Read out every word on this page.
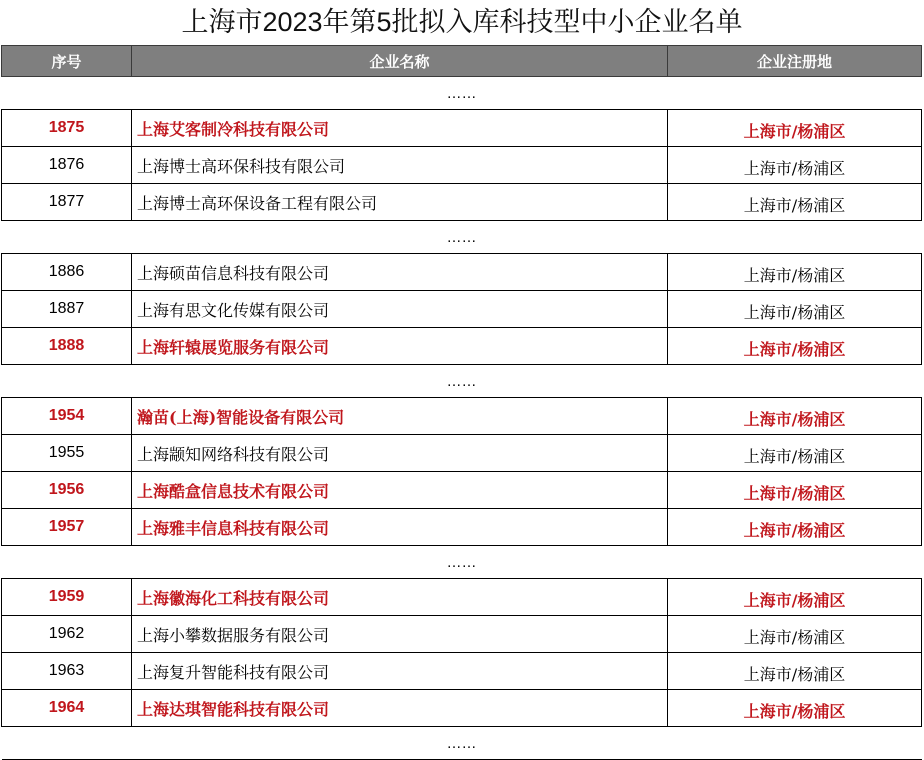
上海市2023年第5批拟入库科技型中小企业名单
序号	企业名称	企业注册地
……		
1875	上海艾客制冷科技有限公司	上海市/杨浦区
1876	上海博士高环保科技有限公司	上海市/杨浦区
1877	上海博士高环保设备工程有限公司	上海市/杨浦区
……		
1886	上海硕苗信息科技有限公司	上海市/杨浦区
1887	上海有思文化传媒有限公司	上海市/杨浦区
1888	上海轩辕展览服务有限公司	上海市/杨浦区
……		
1954	瀚苗(上海)智能设备有限公司	上海市/杨浦区
1955	上海颛知网络科技有限公司	上海市/杨浦区
1956	上海酷盒信息技术有限公司	上海市/杨浦区
1957	上海雅丰信息科技有限公司	上海市/杨浦区
……		
1959	上海徽海化工科技有限公司	上海市/杨浦区
1962	上海小攀数据服务有限公司	上海市/杨浦区
1963	上海复升智能科技有限公司	上海市/杨浦区
1964	上海达琪智能科技有限公司	上海市/杨浦区
……		
